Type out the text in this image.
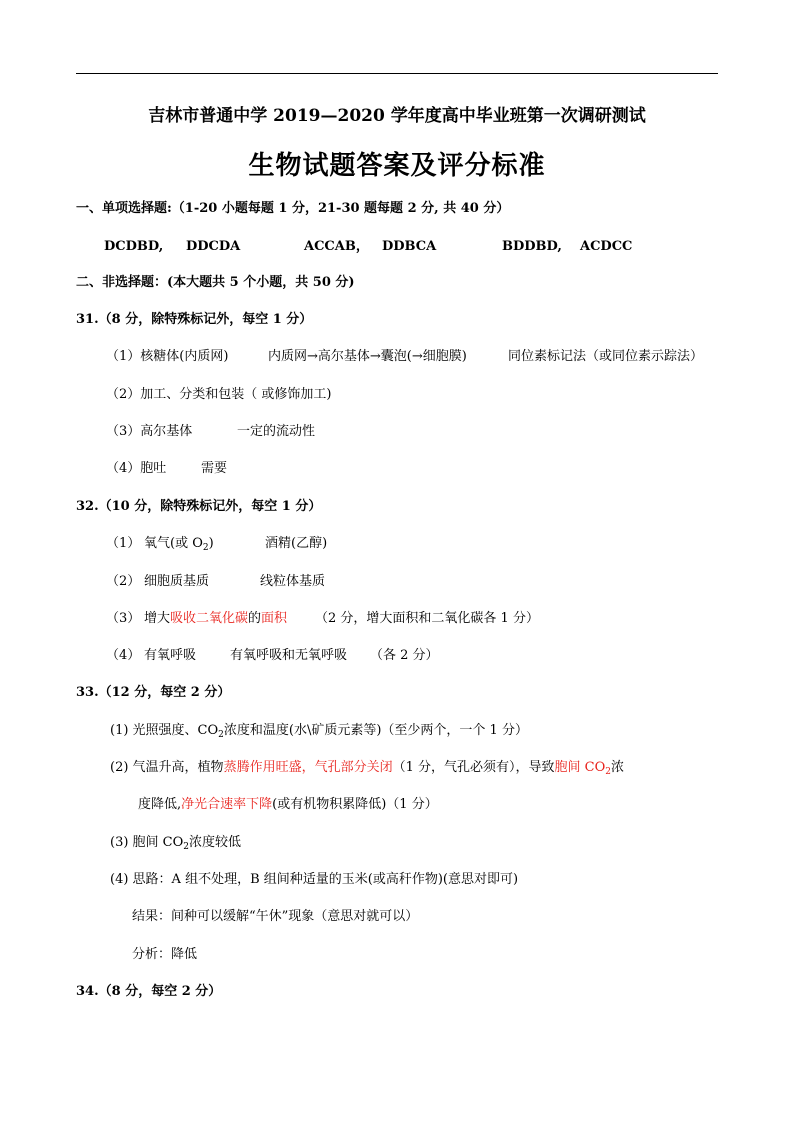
吉林市普通中学 2019—2020 学年度高中毕业班第一次调研测试
生物试题答案及评分标准
一、单项选择题:（1-20 小题每题 1 分，21-30 题每题 2 分, 共 40 分）
DCDBD, DDCDA	ACCAB， DDBCA	BDDBD, ACDCC
二、非选择题：(本大题共 5 个小题，共 50 分)
31.（8 分，除特殊标记外，每空 1 分）
（1）核糖体(内质网)	内质网→高尔基体→囊泡(→细胞膜)	同位素标记法（或同位素示踪法）
（2）加工、分类和包装（ 或修饰加工)
（3）高尔基体	一定的流动性
（4）胞吐	需要
32.（10 分，除特殊标记外，每空 1 分）
（1） 氧气(或 $O_2$)	酒精(乙醇)
（2） 细胞质基质	线粒体基质
（3） 增大吸收二氧化碳的面积 （2 分，增大面积和二氧化碳各 1 分）
（4） 有氧呼吸	有氧呼吸和无氧呼吸 （各 2 分）
33.（12 分，每空 2 分）
(1) 光照强度、$CO_2$浓度和温度(水\矿质元素等)（至少两个，一个 1 分）
(2) 气温升高，植物蒸腾作用旺盛，气孔部分关闭（1 分，气孔必须有），导致胞间 $CO_2$浓
度降低,净光合速率下降(或有机物积累降低)（1 分）
(3) 胞间 $CO_2$浓度较低
(4) 思路：A 组不处理，B 组间种适量的玉米(或高秆作物)(意思对即可)
结果：间种可以缓解“午休”现象（意思对就可以）
分析：降低
34.（8 分，每空 2 分）
